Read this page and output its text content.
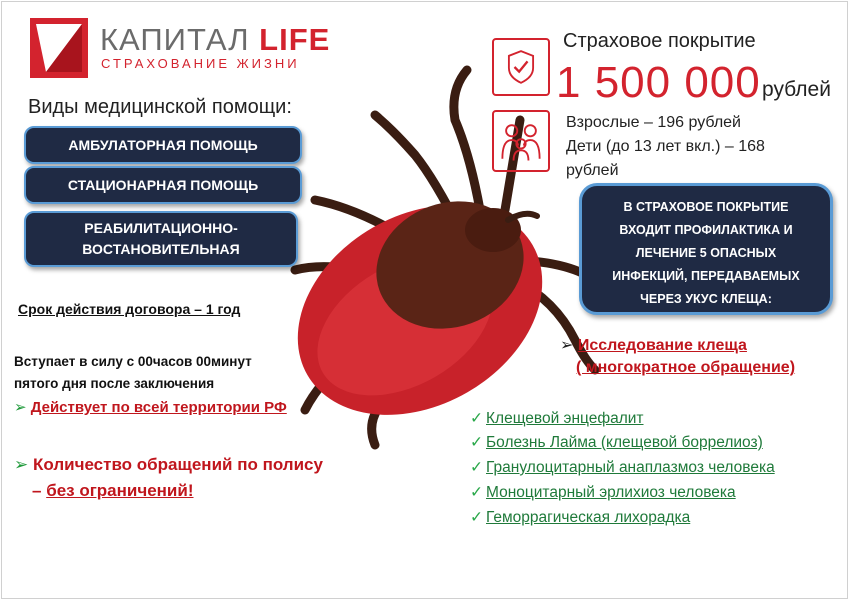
КАПИТАЛ LIFE
СТРАХОВАНИЕ ЖИЗНИ
Виды медицинской помощи:
АМБУЛАТОРНАЯ ПОМОЩЬ
СТАЦИОНАРНАЯ ПОМОЩЬ
РЕАБИЛИТАЦИОННО-ВОСТАНОВИТЕЛЬНАЯ
Срок действия договора – 1 год
Вступает в силу с 00часов 00минут
пятого дня после заключения
➢ Действует по всей территории РФ
➢ Количество обращений по полису
– без ограничений!
Страховое покрытие
1 500 000 рублей
Взрослые – 196 рублей
Дети (до 13 лет вкл.) – 168
рублей
В СТРАХОВОЕ ПОКРЫТИЕ
ВХОДИТ ПРОФИЛАКТИКА И
ЛЕЧЕНИЕ 5 ОПАСНЫХ
ИНФЕКЦИЙ, ПЕРЕДАВАЕМЫХ
ЧЕРЕЗ УКУС КЛЕЩА:
➢ Исследование клеща
( многократное обращение)
✓ Клещевой энцефалит
✓ Болезнь Лайма (клещевой боррелиоз)
✓ Гранулоцитарный анаплазмоз человека
✓ Моноцитарный эрлихиоз человека
✓ Геморрагическая лихорадка
